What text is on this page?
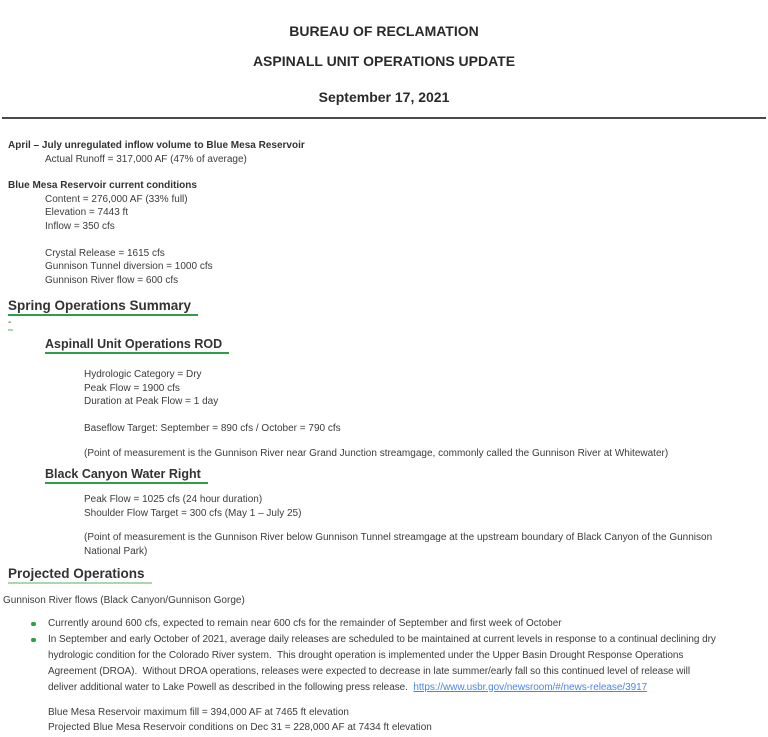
BUREAU OF RECLAMATION
ASPINALL UNIT OPERATIONS UPDATE
September 17, 2021
April – July unregulated inflow volume to Blue Mesa Reservoir
Actual Runoff = 317,000 AF (47% of average)
Blue Mesa Reservoir current conditions
Content = 276,000 AF (33% full)
Elevation = 7443 ft
Inflow = 350 cfs
Crystal Release = 1615 cfs
Gunnison Tunnel diversion = 1000 cfs
Gunnison River flow = 600 cfs
Spring Operations Summary
-
Aspinall Unit Operations ROD
Hydrologic Category = Dry
Peak Flow = 1900 cfs
Duration at Peak Flow = 1 day
Baseflow Target: September = 890 cfs / October = 790 cfs
(Point of measurement is the Gunnison River near Grand Junction streamgage, commonly called the Gunnison River at Whitewater)
Black Canyon Water Right
Peak Flow = 1025 cfs (24 hour duration)
Shoulder Flow Target = 300 cfs (May 1 – July 25)
(Point of measurement is the Gunnison River below Gunnison Tunnel streamgage at the upstream boundary of Black Canyon of the Gunnison National Park)
Projected Operations
Gunnison River flows (Black Canyon/Gunnison Gorge)
Currently around 600 cfs, expected to remain near 600 cfs for the remainder of September and first week of October
In September and early October of 2021, average daily releases are scheduled to be maintained at current levels in response to a continual declining dry
hydrologic condition for the Colorado River system.  This drought operation is implemented under the Upper Basin Drought Response Operations
Agreement (DROA).  Without DROA operations, releases were expected to decrease in late summer/early fall so this continued level of release will
deliver additional water to Lake Powell as described in the following press release.  https://www.usbr.gov/newsroom/#/news-release/3917
Blue Mesa Reservoir maximum fill = 394,000 AF at 7465 ft elevation
Projected Blue Mesa Reservoir conditions on Dec 31 = 228,000 AF at 7434 ft elevation
